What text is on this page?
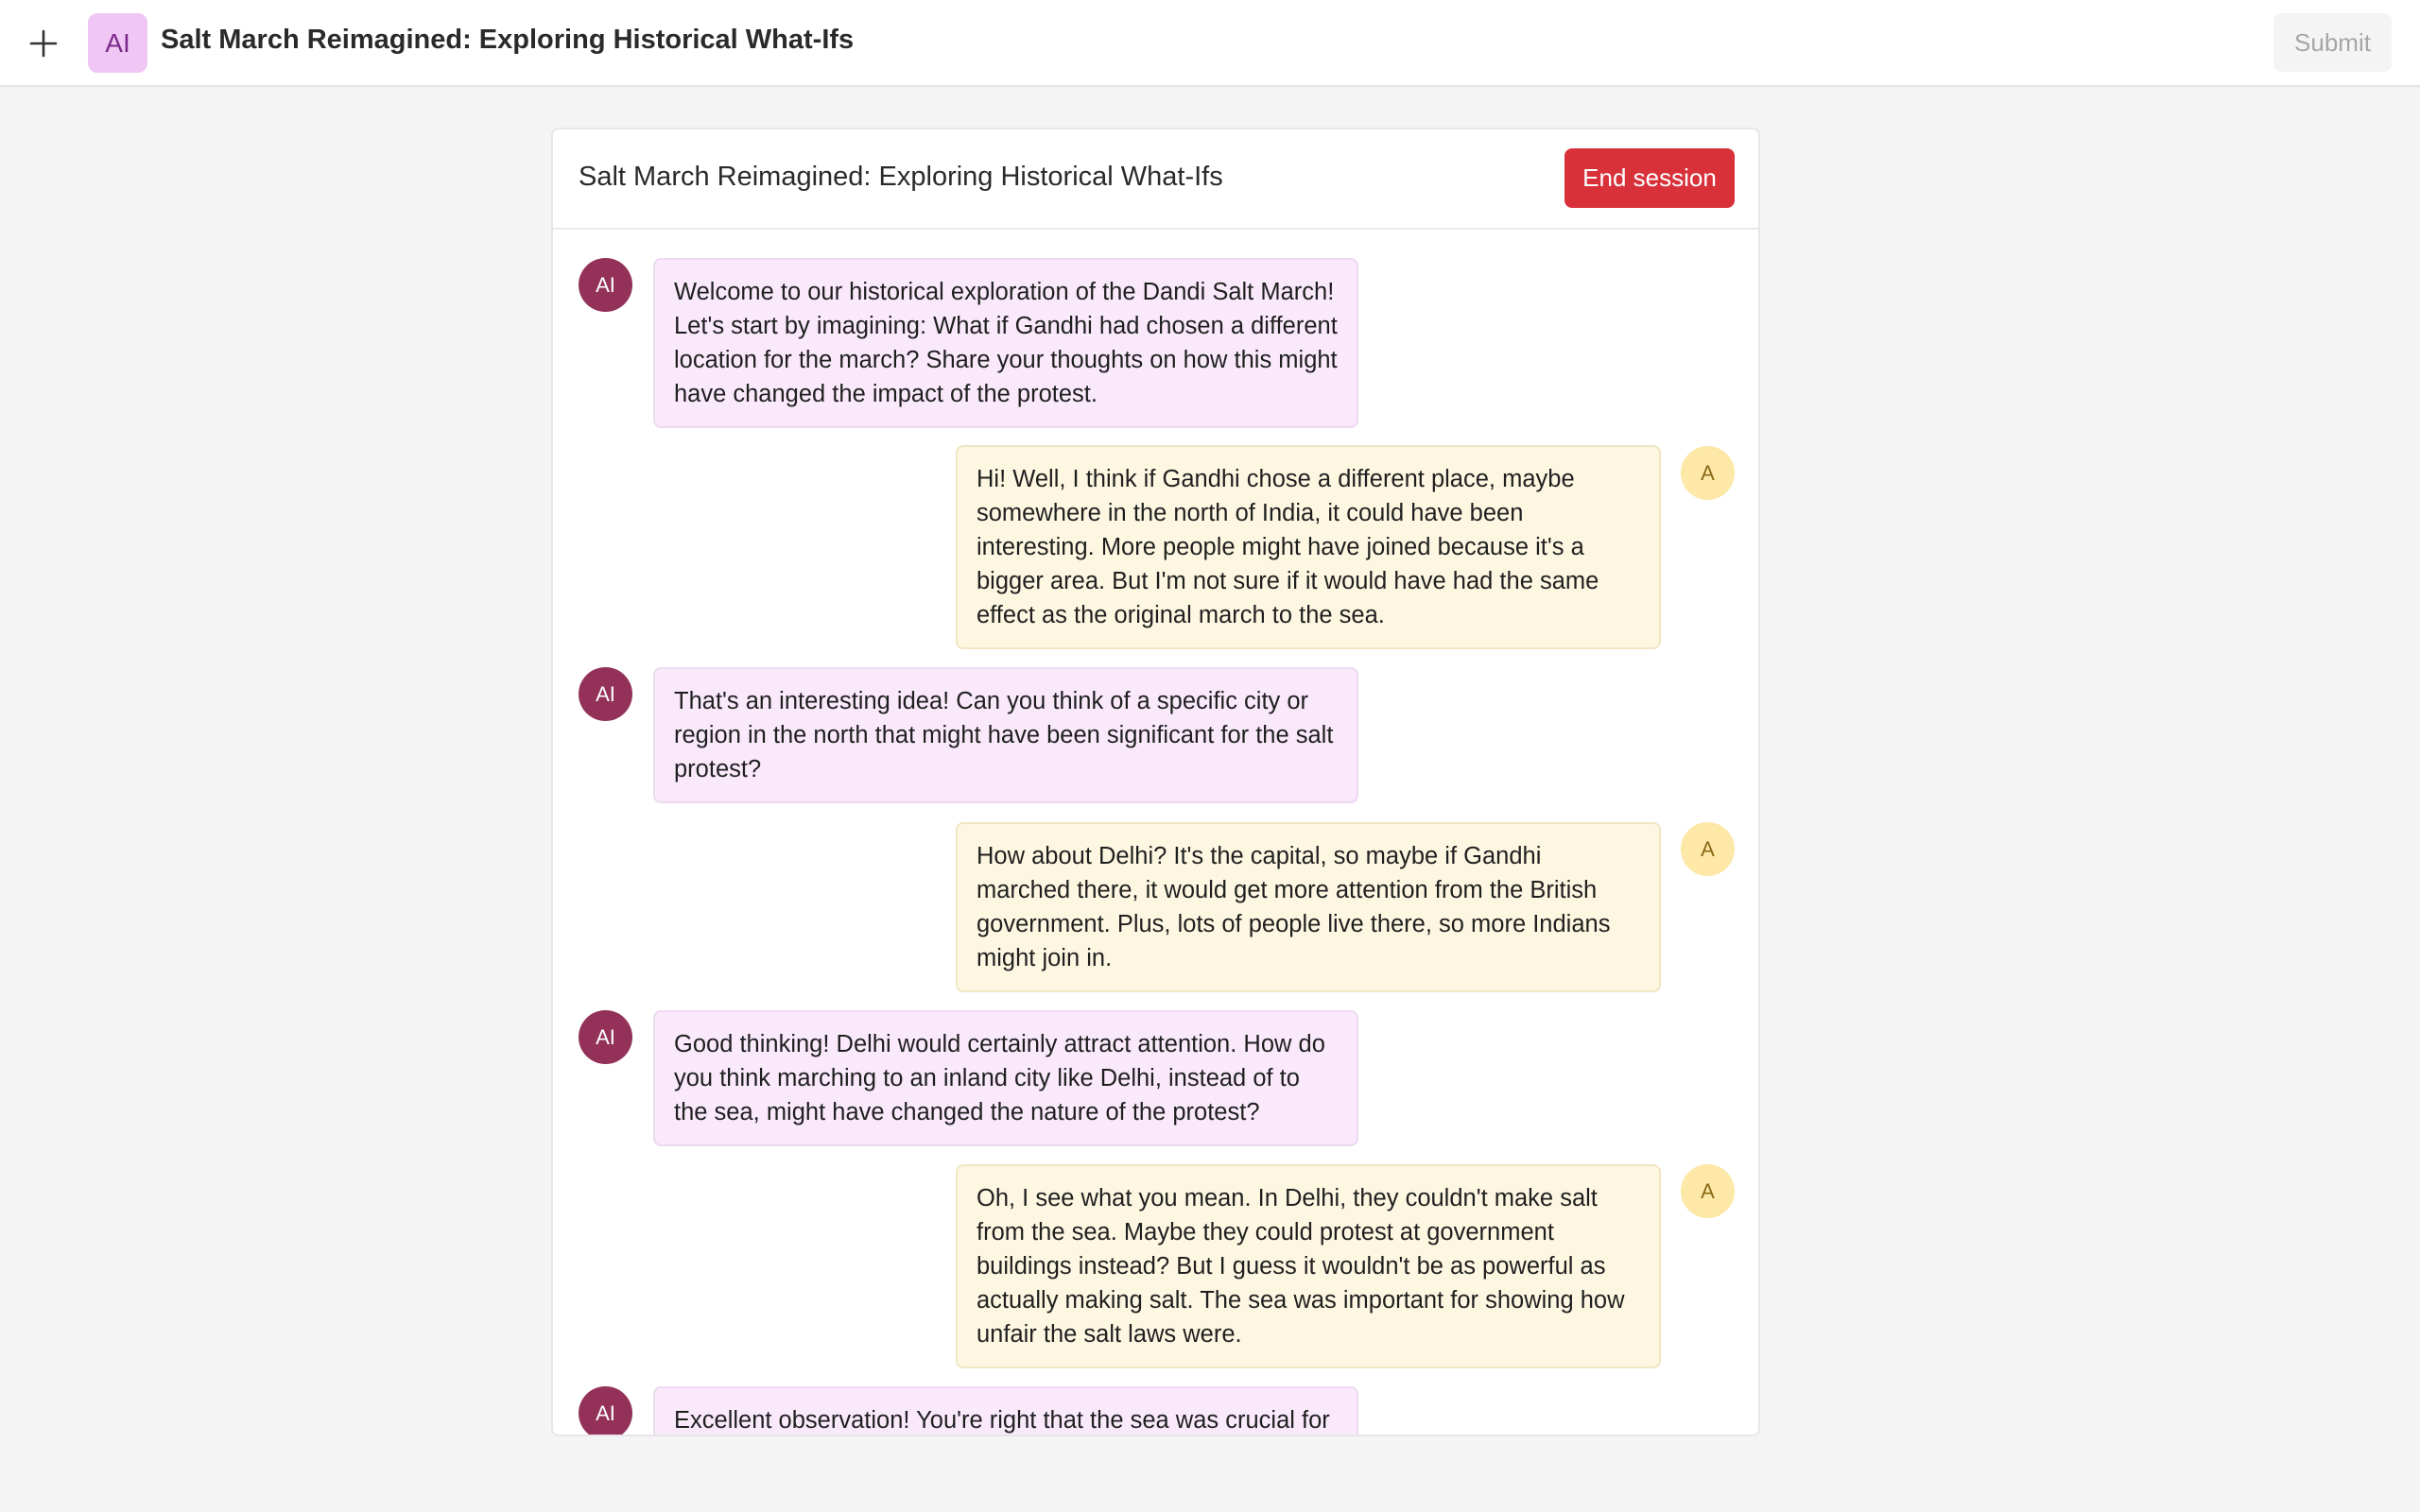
AI	Salt March Reimagined: Exploring Historical What-Ifs	Submit
Salt March Reimagined: Exploring Historical What-Ifs	End session
AI	Welcome to our historical exploration of the Dandi Salt March! Let's start by imagining: What if Gandhi had chosen a different location for the march? Share your thoughts on how this might have changed the impact of the protest.
A
Hi! Well, I think if Gandhi chose a different place, maybe somewhere in the north of India, it could have been interesting. More people might have joined because it's a bigger area. But I'm not sure if it would have had the same effect as the original march to the sea.
AI	That's an interesting idea! Can you think of a specific city or region in the north that might have been significant for the salt protest?
A
How about Delhi? It's the capital, so maybe if Gandhi marched there, it would get more attention from the British government. Plus, lots of people live there, so more Indians might join in.
AI	Good thinking! Delhi would certainly attract attention. How do you think marching to an inland city like Delhi, instead of to the sea, might have changed the nature of the protest?
A
Oh, I see what you mean. In Delhi, they couldn't make salt from the sea. Maybe they could protest at government buildings instead? But I guess it wouldn't be as powerful as actually making salt. The sea was important for showing how unfair the salt laws were.
AI	Excellent observation! You're right that the sea was crucial for
